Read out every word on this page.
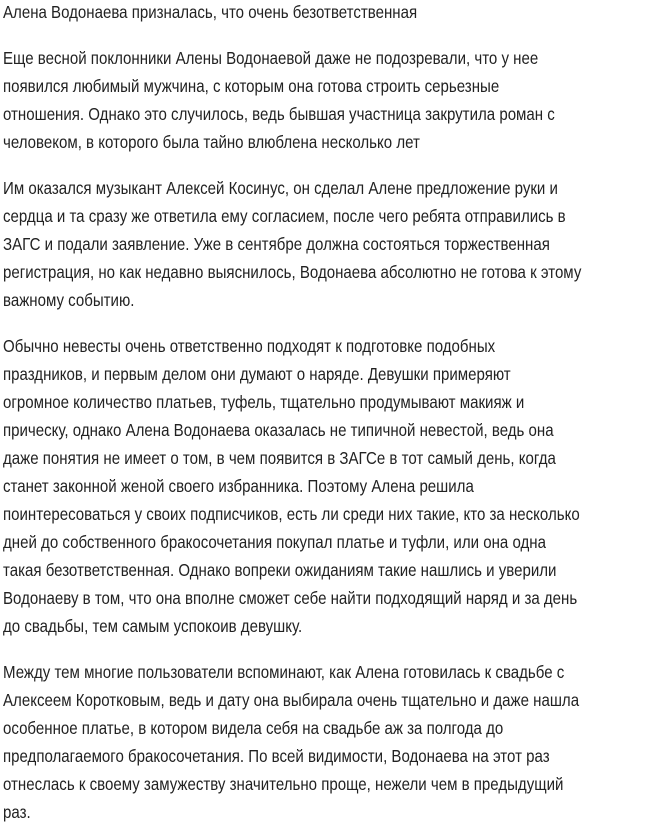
Алена Водонаева призналась, что очень безответственная
Еще весной поклонники Алены Водонаевой даже не подозревали, что у нее
появился любимый мужчина, с которым она готова строить серьезные
отношения. Однако это случилось, ведь бывшая участница закрутила роман с
человеком, в которого была тайно влюблена несколько лет
Им оказался музыкант Алексей Косинус, он сделал Алене предложение руки и
сердца и та сразу же ответила ему согласием, после чего ребята отправились в
ЗАГС и подали заявление. Уже в сентябре должна состояться торжественная
регистрация, но как недавно выяснилось, Водонаева абсолютно не готова к этому
важному событию.
Обычно невесты очень ответственно подходят к подготовке подобных
праздников, и первым делом они думают о наряде. Девушки примеряют
огромное количество платьев, туфель, тщательно продумывают макияж и
прическу, однако Алена Водонаева оказалась не типичной невестой, ведь она
даже понятия не имеет о том, в чем появится в ЗАГСе в тот самый день, когда
станет законной женой своего избранника. Поэтому Алена решила
поинтересоваться у своих подписчиков, есть ли среди них такие, кто за несколько
дней до собственного бракосочетания покупал платье и туфли, или она одна
такая безответственная. Однако вопреки ожиданиям такие нашлись и уверили
Водонаеву в том, что она вполне сможет себе найти подходящий наряд и за день
до свадьбы, тем самым успокоив девушку.
Между тем многие пользователи вспоминают, как Алена готовилась к свадьбе с
Алексеем Коротковым, ведь и дату она выбирала очень тщательно и даже нашла
особенное платье, в котором видела себя на свадьбе аж за полгода до
предполагаемого бракосочетания. По всей видимости, Водонаева на этот раз
отнеслась к своему замужеству значительно проще, нежели чем в предыдущий
раз.
